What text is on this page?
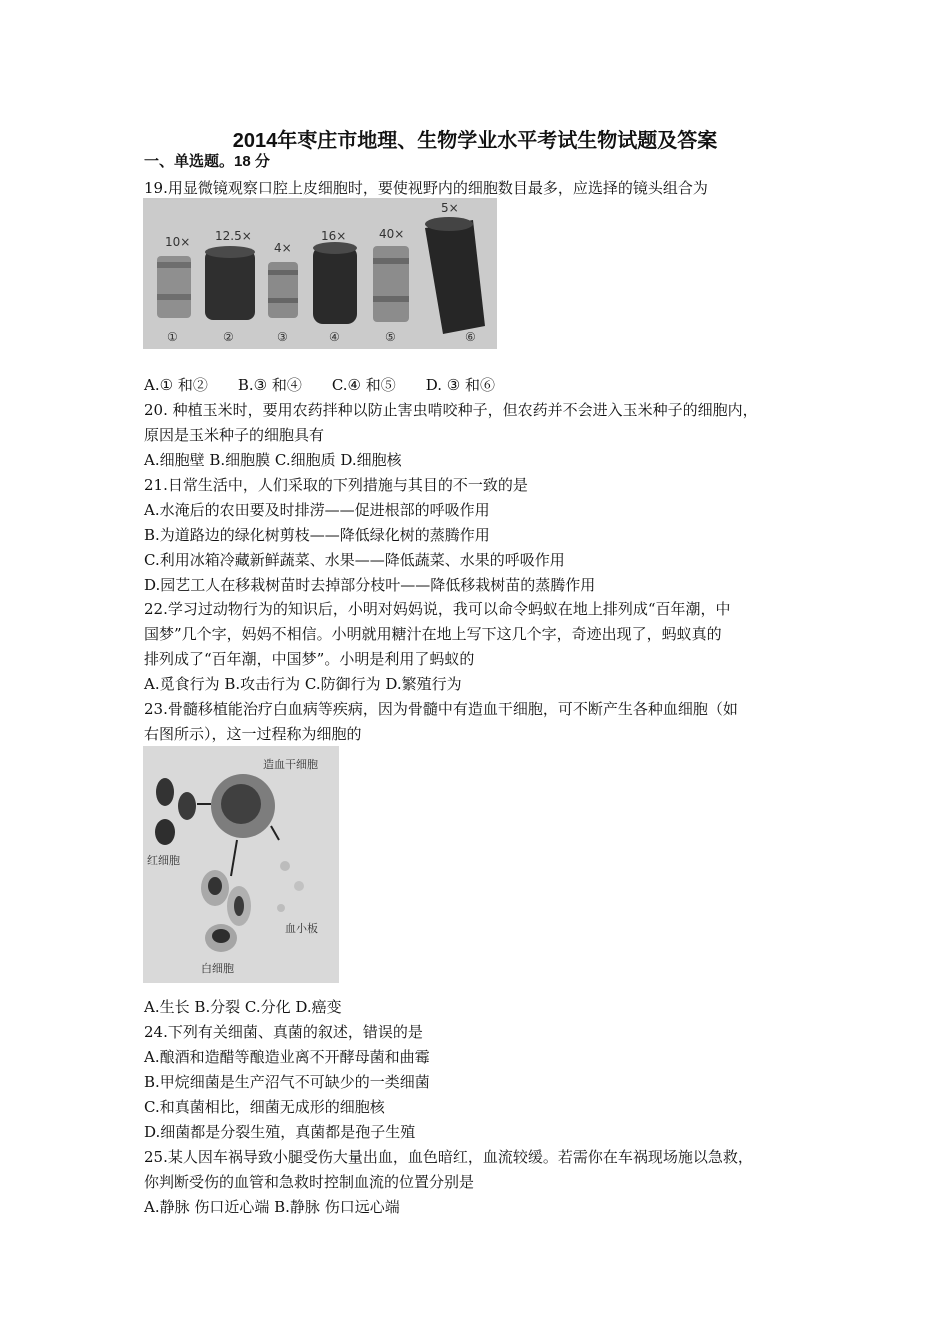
2014年枣庄市地理、生物学业水平考试生物试题及答案
一、单选题。18 分
19.用显微镜观察口腔上皮细胞时，要使视野内的细胞数目最多，应选择的镜头组合为
10×
①
12.5×
②
4×
③
16×
④
40×
⑤
5×
⑥
A.① 和②　　B.③ 和④　　C.④ 和⑤　　D. ③ 和⑥
20. 种植玉米时，要用农药拌种以防止害虫啃咬种子，但农药并不会进入玉米种子的细胞内，
原因是玉米种子的细胞具有
A.细胞壁 B.细胞膜 C.细胞质 D.细胞核
21.日常生活中，人们采取的下列措施与其目的不一致的是
A.水淹后的农田要及时排涝——促进根部的呼吸作用
B.为道路边的绿化树剪枝——降低绿化树的蒸腾作用
C.利用冰箱冷藏新鲜蔬菜、水果——降低蔬菜、水果的呼吸作用
D.园艺工人在移栽树苗时去掉部分枝叶——降低移栽树苗的蒸腾作用
22.学习过动物行为的知识后，小明对妈妈说，我可以命令蚂蚁在地上排列成“百年潮，中
国梦”几个字，妈妈不相信。小明就用糖汁在地上写下这几个字，奇迹出现了，蚂蚁真的
排列成了“百年潮，中国梦”。小明是利用了蚂蚁的
A.觅食行为 B.攻击行为 C.防御行为 D.繁殖行为
23.骨髓移植能治疗白血病等疾病，因为骨髓中有造血干细胞，可不断产生各种血细胞（如
右图所示），这一过程称为细胞的
造血干细胞
红细胞
白细胞
血小板
A.生长 B.分裂 C.分化 D.癌变
24.下列有关细菌、真菌的叙述，错误的是
A.酿酒和造醋等酿造业离不开酵母菌和曲霉
B.甲烷细菌是生产沼气不可缺少的一类细菌
C.和真菌相比，细菌无成形的细胞核
D.细菌都是分裂生殖，真菌都是孢子生殖
25.某人因车祸导致小腿受伤大量出血，血色暗红，血流较缓。若需你在车祸现场施以急救，
你判断受伤的血管和急救时控制血流的位置分别是
A.静脉 伤口近心端 B.静脉 伤口远心端
